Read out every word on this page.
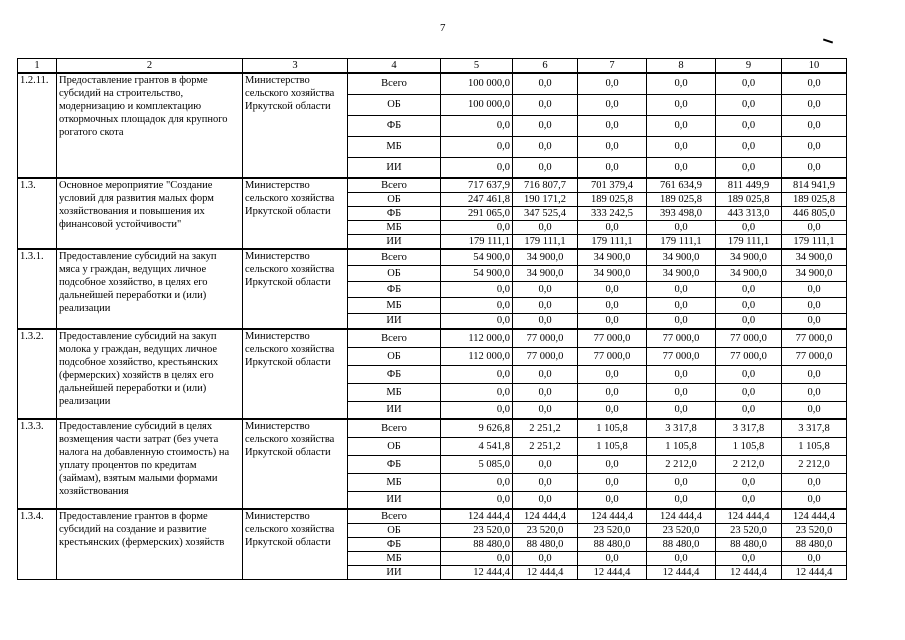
7
1	2	3	4	5	6	7	8	9	10
1.2.11.	Предоставление грантов в форме субсидий на строительство, модернизацию и комплектацию откормочных площадок для крупного рогатого скота	Министерство сельского хозяйства Иркутской области	Всего	100 000,0	0,0	0,0	0,0	0,0	0,0
			ОБ	100 000,0	0,0	0,0	0,0	0,0	0,0
			ФБ	0,0	0,0	0,0	0,0	0,0	0,0
			МБ	0,0	0,0	0,0	0,0	0,0	0,0
			ИИ	0,0	0,0	0,0	0,0	0,0	0,0
1.3.	Основное мероприятие "Создание условий для развития малых форм хозяйствования и повышения их финансовой устойчивости"	Министерство сельского хозяйства Иркутской области	Всего	717 637,9	716 807,7	701 379,4	761 634,9	811 449,9	814 941,9
			ОБ	247 461,8	190 171,2	189 025,8	189 025,8	189 025,8	189 025,8
			ФБ	291 065,0	347 525,4	333 242,5	393 498,0	443 313,0	446 805,0
			МБ	0,0	0,0	0,0	0,0	0,0	0,0
			ИИ	179 111,1	179 111,1	179 111,1	179 111,1	179 111,1	179 111,1
1.3.1.	Предоставление субсидий на закуп мяса у граждан, ведущих личное подсобное хозяйство, в целях его дальнейшей переработки и (или) реализации	Министерство сельского хозяйства Иркутской области	Всего	54 900,0	34 900,0	34 900,0	34 900,0	34 900,0	34 900,0
			ОБ	54 900,0	34 900,0	34 900,0	34 900,0	34 900,0	34 900,0
			ФБ	0,0	0,0	0,0	0,0	0,0	0,0
			МБ	0,0	0,0	0,0	0,0	0,0	0,0
			ИИ	0,0	0,0	0,0	0,0	0,0	0,0
1.3.2.	Предоставление субсидий на закуп молока у граждан, ведущих личное подсобное хозяйство, крестьянских (фермерских) хозяйств в целях его дальнейшей переработки и (или) реализации	Министерство сельского хозяйства Иркутской области	Всего	112 000,0	77 000,0	77 000,0	77 000,0	77 000,0	77 000,0
			ОБ	112 000,0	77 000,0	77 000,0	77 000,0	77 000,0	77 000,0
			ФБ	0,0	0,0	0,0	0,0	0,0	0,0
			МБ	0,0	0,0	0,0	0,0	0,0	0,0
			ИИ	0,0	0,0	0,0	0,0	0,0	0,0
1.3.3.	Предоставление субсидий в целях возмещения части затрат (без учета налога на добавленную стоимость) на уплату процентов по кредитам (займам), взятым малыми формами хозяйствования	Министерство сельского хозяйства Иркутской области	Всего	9 626,8	2 251,2	1 105,8	3 317,8	3 317,8	3 317,8
			ОБ	4 541,8	2 251,2	1 105,8	1 105,8	1 105,8	1 105,8
			ФБ	5 085,0	0,0	0,0	2 212,0	2 212,0	2 212,0
			МБ	0,0	0,0	0,0	0,0	0,0	0,0
			ИИ	0,0	0,0	0,0	0,0	0,0	0,0
1.3.4.	Предоставление грантов в форме субсидий на создание и развитие крестьянских (фермерских) хозяйств	Министерство сельского хозяйства Иркутской области	Всего	124 444,4	124 444,4	124 444,4	124 444,4	124 444,4	124 444,4
			ОБ	23 520,0	23 520,0	23 520,0	23 520,0	23 520,0	23 520,0
			ФБ	88 480,0	88 480,0	88 480,0	88 480,0	88 480,0	88 480,0
			МБ	0,0	0,0	0,0	0,0	0,0	0,0
			ИИ	12 444,4	12 444,4	12 444,4	12 444,4	12 444,4	12 444,4
